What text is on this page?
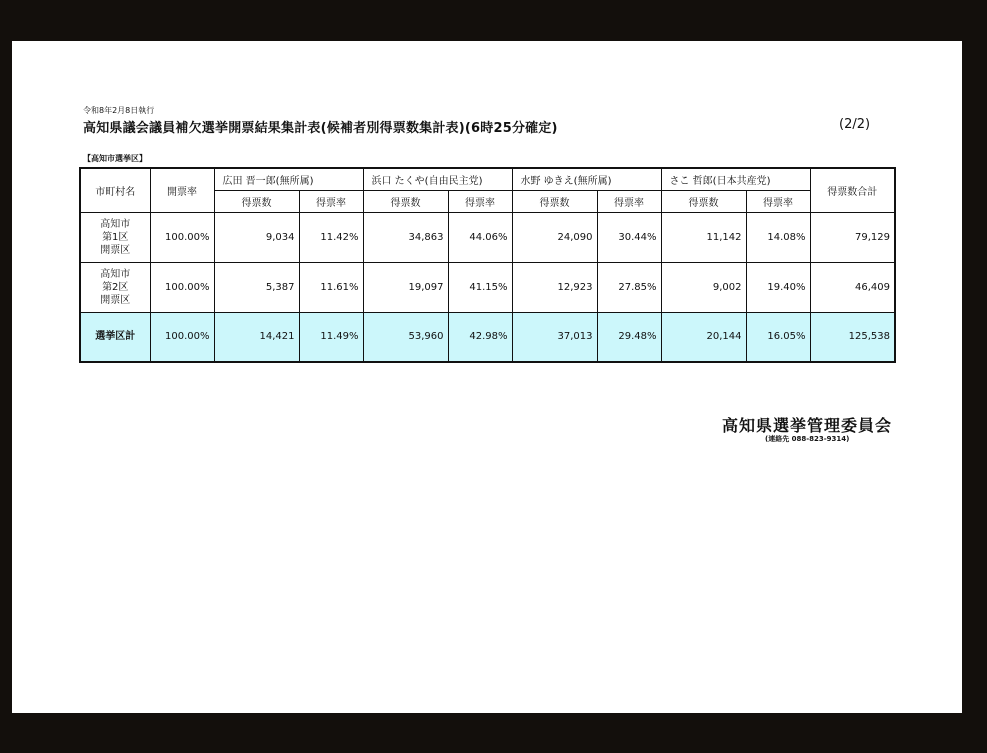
令和8年2月8日執行
高知県議会議員補欠選挙開票結果集計表(候補者別得票数集計表)(6時25分確定)	(2/2)
【高知市選挙区】
市町村名	開票率	広田 晋一郎(無所属)		浜口 たくや(自由民主党)		水野 ゆきえ(無所属)		さこ 哲郎(日本共産党)		得票数合計
		得票数	得票率	得票数	得票率	得票数	得票率	得票数	得票率	
高知市
第1区
開票区	100.00%	9,034	11.42%	34,863	44.06%	24,090	30.44%	11,142	14.08%	79,129
高知市
第2区
開票区	100.00%	5,387	11.61%	19,097	41.15%	12,923	27.85%	9,002	19.40%	46,409
選挙区計	100.00%	14,421	11.49%	53,960	42.98%	37,013	29.48%	20,144	16.05%	125,538
高知県選挙管理委員会
(連絡先 088-823-9314)
